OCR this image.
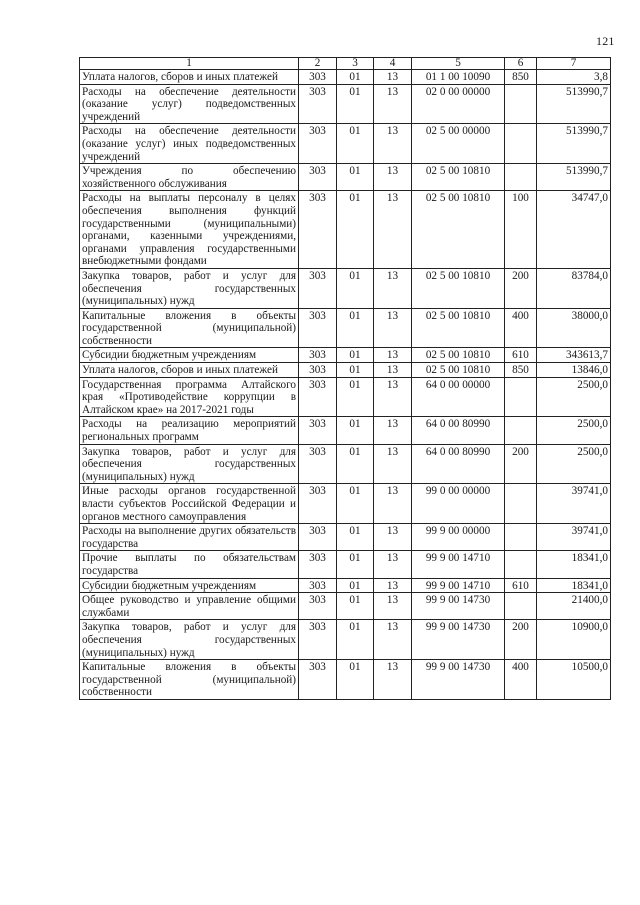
121
1	2	3	4	5	6	7
Уплата налогов, сборов и иных платежей	303	01	13	01 1 00 10090	850	3,8
Расходы на обеспечение деятельности (оказание услуг) подведомственных учреждений	303	01	13	02 0 00 00000		513990,7
Расходы на обеспечение деятельности (оказание услуг) иных подведомственных учреждений	303	01	13	02 5 00 00000		513990,7
Учреждения по обеспечению хозяйственного обслуживания	303	01	13	02 5 00 10810		513990,7
Расходы на выплаты персоналу в целях обеспечения выполнения функций государственными (муниципальными) органами, казенными учреждениями, органами управления государственными внебюджетными фондами	303	01	13	02 5 00 10810	100	34747,0
Закупка товаров, работ и услуг для обеспечения государственных (муниципальных) нужд	303	01	13	02 5 00 10810	200	83784,0
Капитальные вложения в объекты государственной (муниципальной) собственности	303	01	13	02 5 00 10810	400	38000,0
Субсидии бюджетным учреждениям	303	01	13	02 5 00 10810	610	343613,7
Уплата налогов, сборов и иных платежей	303	01	13	02 5 00 10810	850	13846,0
Государственная программа Алтайского края «Противодействие коррупции в Алтайском крае» на 2017-2021 годы	303	01	13	64 0 00 00000		2500,0
Расходы на реализацию мероприятий региональных программ	303	01	13	64 0 00 80990		2500,0
Закупка товаров, работ и услуг для обеспечения государственных (муниципальных) нужд	303	01	13	64 0 00 80990	200	2500,0
Иные расходы органов государственной власти субъектов Российской Федерации и органов местного самоуправления	303	01	13	99 0 00 00000		39741,0
Расходы на выполнение других обязательств государства	303	01	13	99 9 00 00000		39741,0
Прочие выплаты по обязательствам государства	303	01	13	99 9 00 14710		18341,0
Субсидии бюджетным учреждениям	303	01	13	99 9 00 14710	610	18341,0
Общее руководство и управление общими службами	303	01	13	99 9 00 14730		21400,0
Закупка товаров, работ и услуг для обеспечения государственных (муниципальных) нужд	303	01	13	99 9 00 14730	200	10900,0
Капитальные вложения в объекты государственной (муниципальной) собственности	303	01	13	99 9 00 14730	400	10500,0
